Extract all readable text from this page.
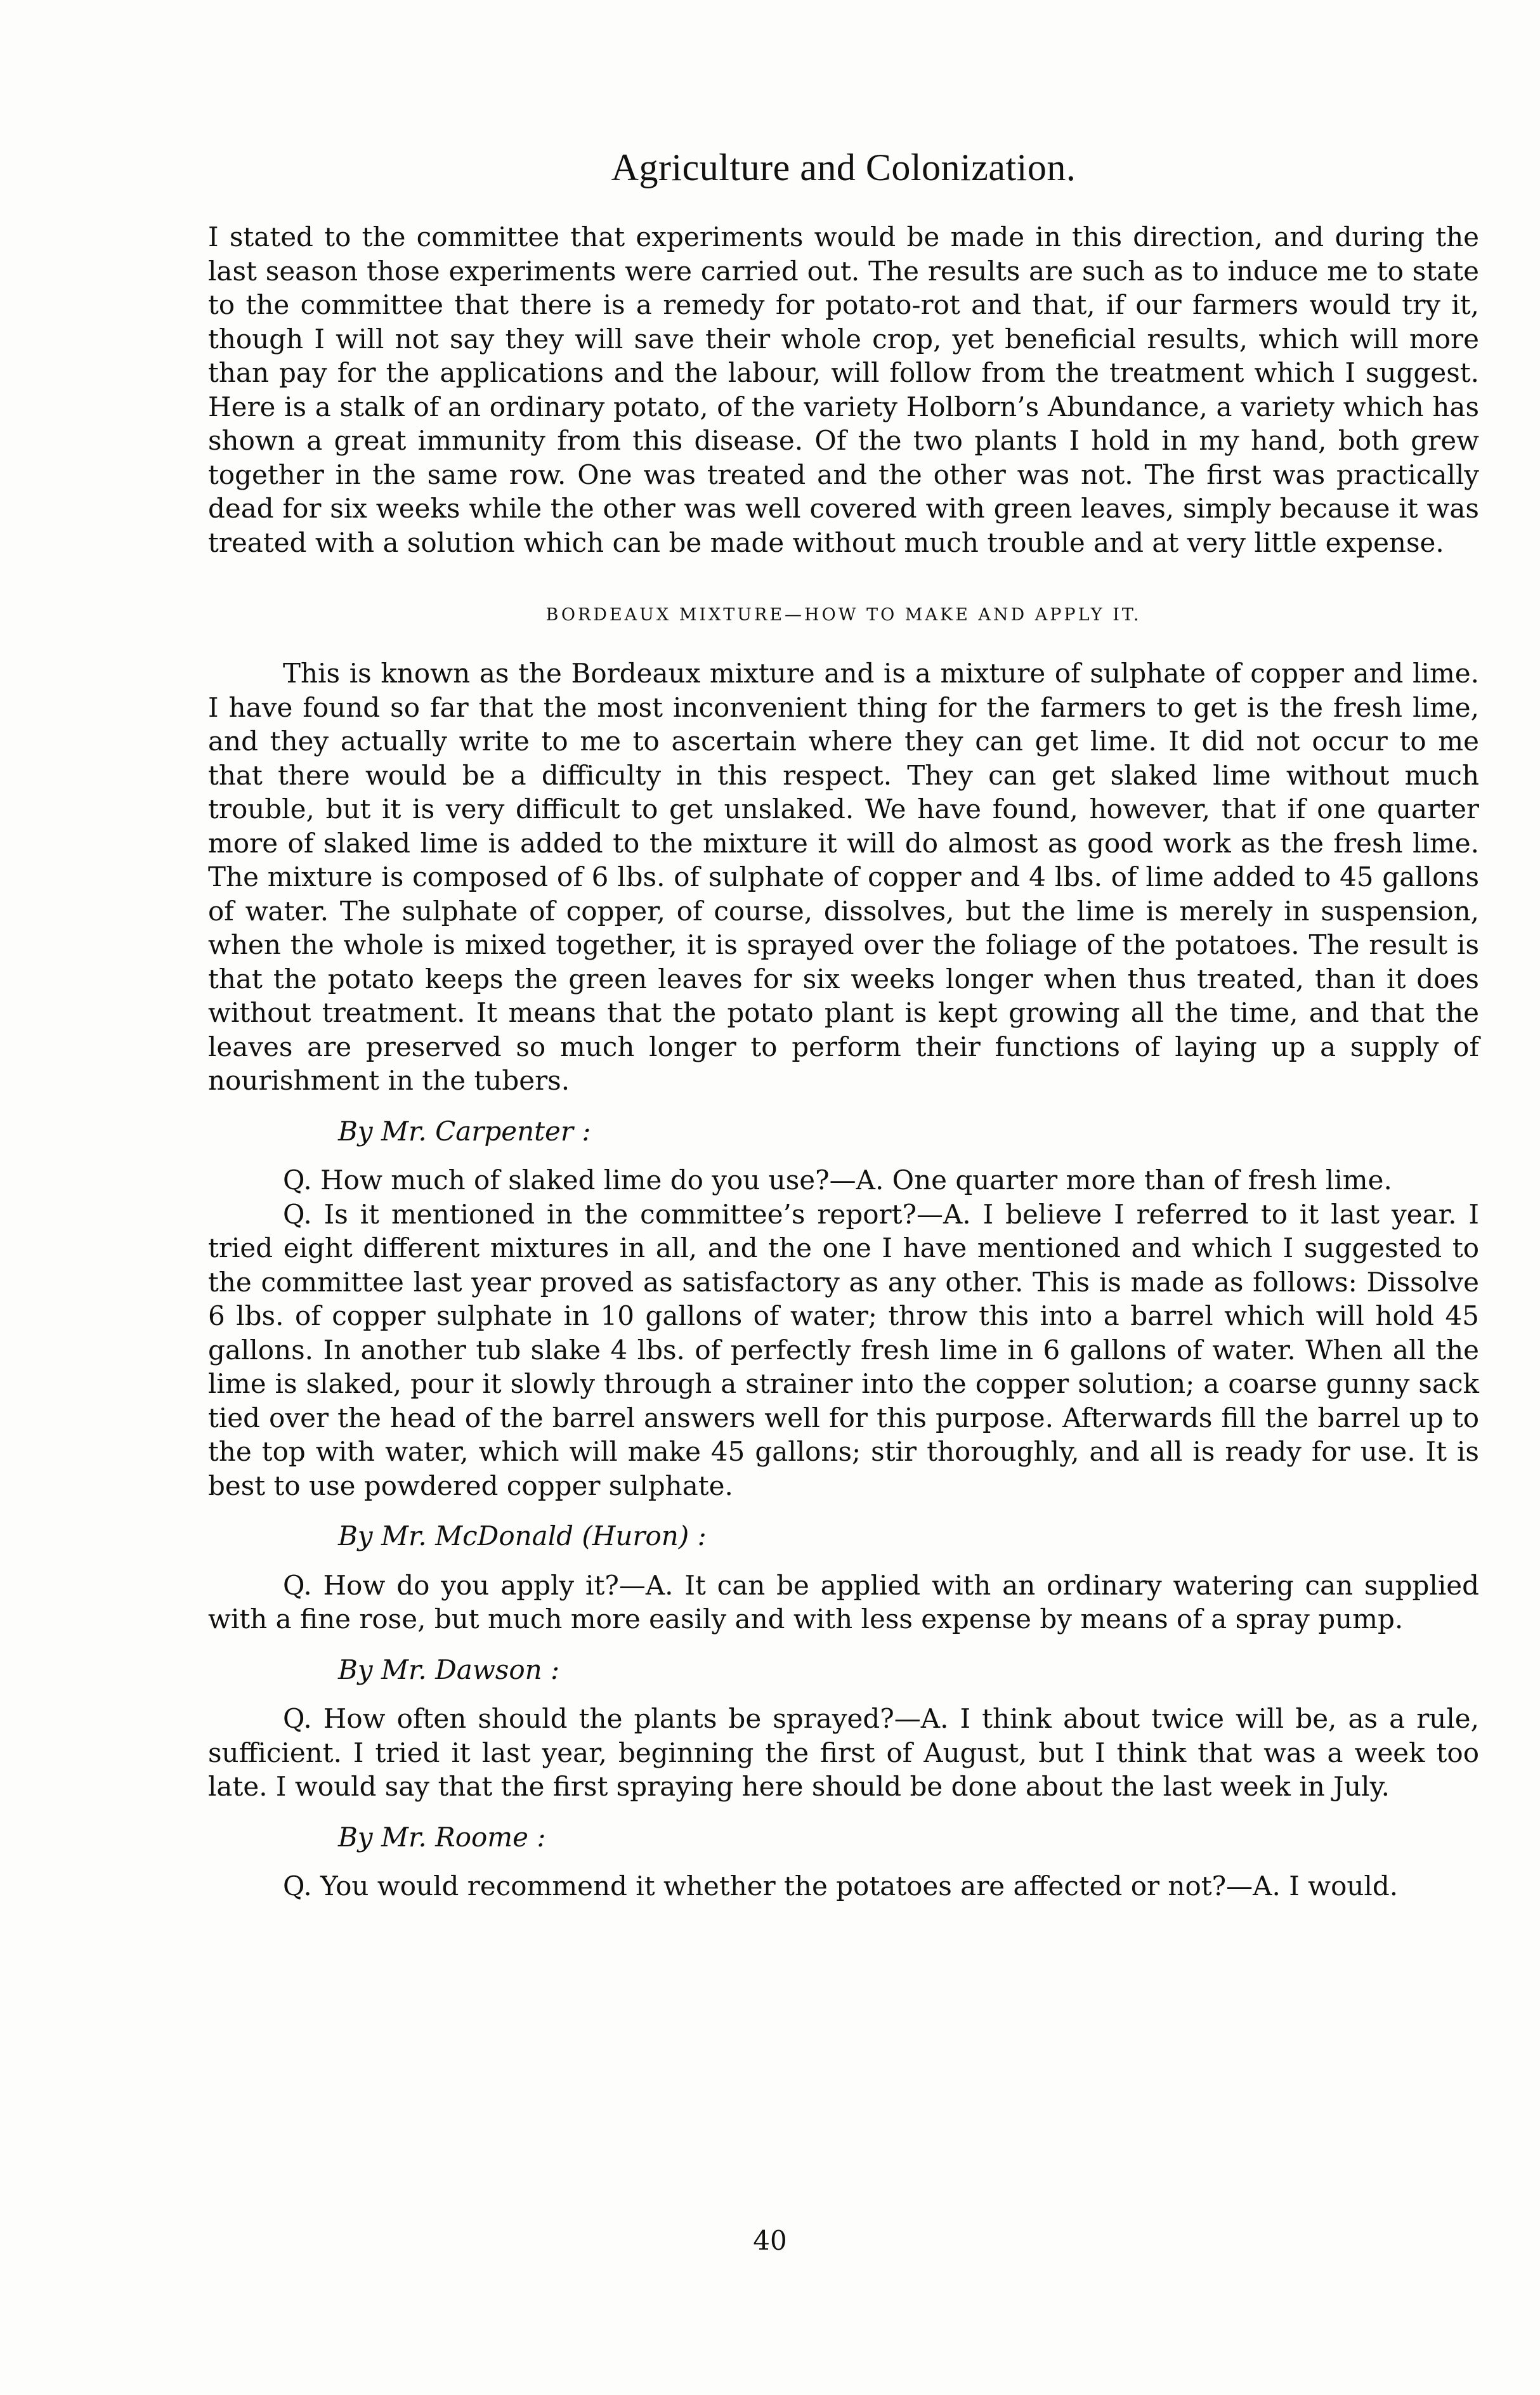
Agriculture and Colonization.

I stated to the committee that experiments would be made in this direction, and during the last season those experiments were carried out. The results are such as to induce me to state to the committee that there is a remedy for potato-rot and that, if our farmers would try it, though I will not say they will save their whole crop, yet beneficial results, which will more than pay for the applications and the labour, will follow from the treatment which I suggest. Here is a stalk of an ordinary potato, of the variety Holborn’s Abundance, a variety which has shown a great immunity from this disease. Of the two plants I hold in my hand, both grew together in the same row. One was treated and the other was not. The first was practically dead for six weeks while the other was well covered with green leaves, simply because it was treated with a solution which can be made without much trouble and at very little expense.

BORDEAUX MIXTURE—HOW TO MAKE AND APPLY IT.

This is known as the Bordeaux mixture and is a mixture of sulphate of copper and lime. I have found so far that the most inconvenient thing for the farmers to get is the fresh lime, and they actually write to me to ascertain where they can get lime. It did not occur to me that there would be a difficulty in this respect. They can get slaked lime without much trouble, but it is very difficult to get unslaked. We have found, however, that if one quarter more of slaked lime is added to the mixture it will do almost as good work as the fresh lime. The mixture is composed of 6 lbs. of sulphate of copper and 4 lbs. of lime added to 45 gallons of water. The sulphate of copper, of course, dissolves, but the lime is merely in suspension, when the whole is mixed together, it is sprayed over the foliage of the potatoes. The result is that the potato keeps the green leaves for six weeks longer when thus treated, than it does without treatment. It means that the potato plant is kept growing all the time, and that the leaves are preserved so much longer to perform their functions of laying up a supply of nourishment in the tubers.

By Mr. Carpenter :

Q. How much of slaked lime do you use?—A. One quarter more than of fresh lime.

Q. Is it mentioned in the committee’s report?—A. I believe I referred to it last year. I tried eight different mixtures in all, and the one I have mentioned and which I suggested to the committee last year proved as satisfactory as any other. This is made as follows: Dissolve 6 lbs. of copper sulphate in 10 gallons of water; throw this into a barrel which will hold 45 gallons. In another tub slake 4 lbs. of perfectly fresh lime in 6 gallons of water. When all the lime is slaked, pour it slowly through a strainer into the copper solution; a coarse gunny sack tied over the head of the barrel answers well for this purpose. Afterwards fill the barrel up to the top with water, which will make 45 gallons; stir thoroughly, and all is ready for use. It is best to use powdered copper sulphate.

By Mr. McDonald (Huron) :

Q. How do you apply it?—A. It can be applied with an ordinary watering can supplied with a fine rose, but much more easily and with less expense by means of a spray pump.

By Mr. Dawson :

Q. How often should the plants be sprayed?—A. I think about twice will be, as a rule, sufficient. I tried it last year, beginning the first of August, but I think that was a week too late. I would say that the first spraying here should be done about the last week in July.

By Mr. Roome :

Q. You would recommend it whether the potatoes are affected or not?—A. I would.

40
